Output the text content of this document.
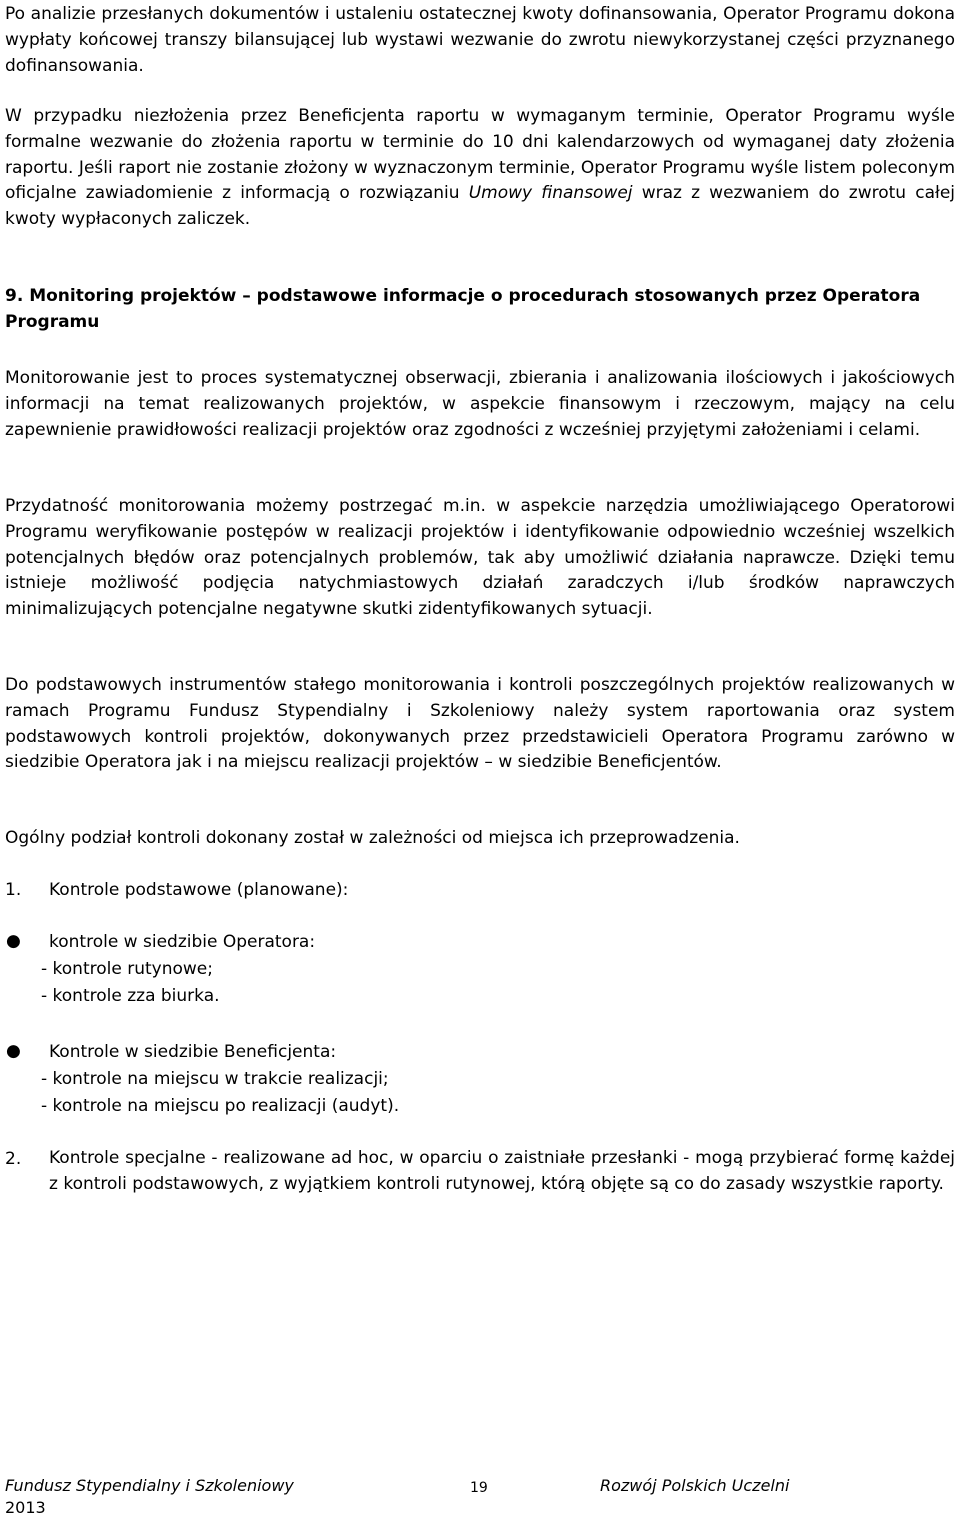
Po analizie przesłanych dokumentów i ustaleniu ostatecznej kwoty dofinansowania, Operator Programu dokona wypłaty końcowej transzy bilansującej lub wystawi wezwanie do zwrotu niewykorzystanej części przyznanego dofinansowania.

W przypadku niezłożenia przez Beneficjenta raportu w wymaganym terminie, Operator Programu wyśle formalne wezwanie do złożenia raportu w terminie do 10 dni kalendarzowych od wymaganej daty złożenia raportu. Jeśli raport nie zostanie złożony w wyznaczonym terminie, Operator Programu wyśle listem poleconym oficjalne zawiadomienie z informacją o rozwiązaniu Umowy finansowej wraz z wezwaniem do zwrotu całej kwoty wypłaconych zaliczek.

9. Monitoring projektów – podstawowe informacje o procedurach stosowanych przez Operatora Programu

Monitorowanie jest to proces systematycznej obserwacji, zbierania i analizowania ilościowych i jakościowych informacji na temat realizowanych projektów, w aspekcie finansowym i rzeczowym, mający na celu zapewnienie prawidłowości realizacji projektów oraz zgodności z wcześniej przyjętymi założeniami i celami.

Przydatność monitorowania możemy postrzegać m.in. w aspekcie narzędzia umożliwiającego Operatorowi Programu weryfikowanie postępów w realizacji projektów i identyfikowanie odpowiednio wcześniej wszelkich potencjalnych błędów oraz potencjalnych problemów, tak aby umożliwić działania naprawcze. Dzięki temu istnieje możliwość podjęcia natychmiastowych działań zaradczych i/lub środków naprawczych minimalizujących potencjalne negatywne skutki zidentyfikowanych sytuacji.

Do podstawowych instrumentów stałego monitorowania i kontroli poszczególnych projektów realizowanych w ramach Programu Fundusz Stypendialny i Szkoleniowy należy system raportowania oraz system podstawowych kontroli projektów, dokonywanych przez przedstawicieli Operatora Programu zarówno w siedzibie Operatora jak i na miejscu realizacji projektów – w siedzibie Beneficjentów.

Ogólny podział kontroli dokonany został w zależności od miejsca ich przeprowadzenia.

1. Kontrole podstawowe (planowane):

● kontrole w siedzibie Operatora:

- kontrole rutynowe;

- kontrole zza biurka.

● Kontrole w siedzibie Beneficjenta:

- kontrole na miejscu w trakcie realizacji;

- kontrole na miejscu po realizacji (audyt).

2. Kontrole specjalne - realizowane ad hoc, w oparciu o zaistniałe przesłanki - mogą przybierać formę każdej z kontroli podstawowych, z wyjątkiem kontroli rutynowej, którą objęte są co do zasady wszystkie raporty.

Fundusz Stypendialny i Szkoleniowy
2013
19	Rozwój Polskich Uczelni
